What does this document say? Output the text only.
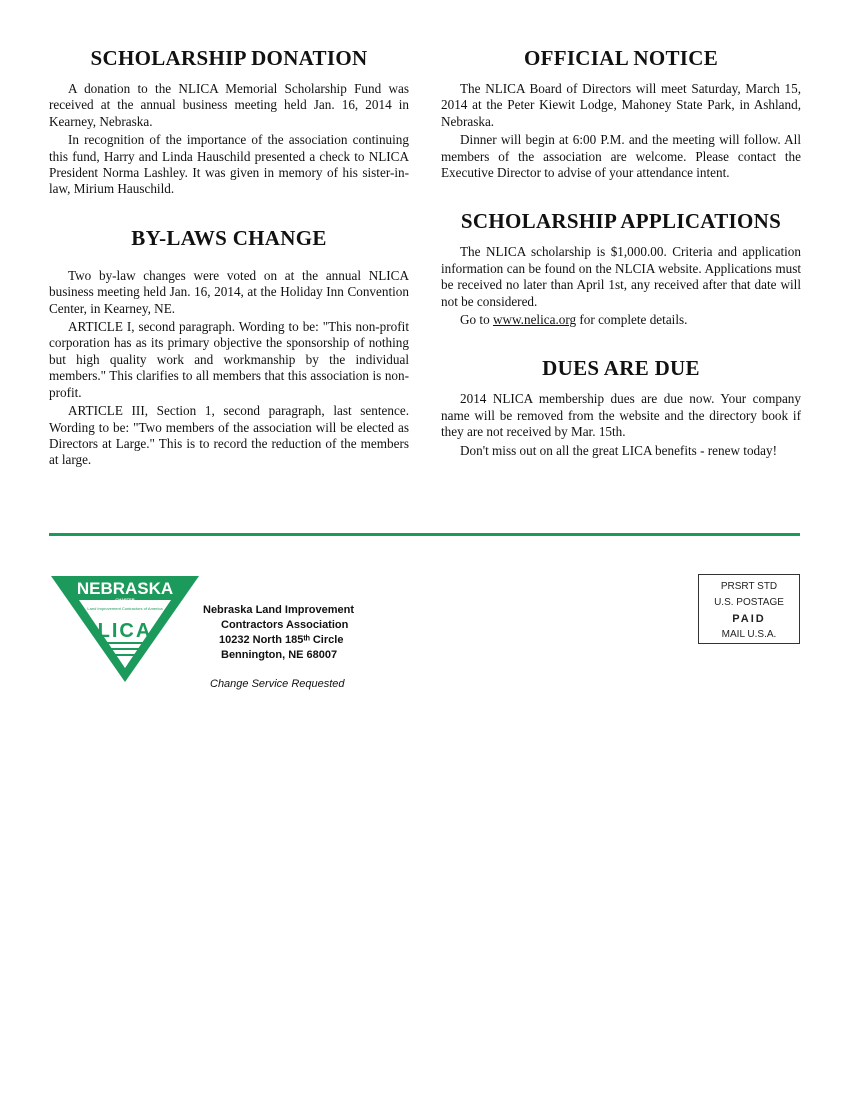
SCHOLARSHIP DONATION

A donation to the NLICA Memorial Scholarship Fund was received at the annual business meeting held Jan. 16, 2014 in Kearney, Nebraska.

In recognition of the importance of the association continuing this fund, Harry and Linda Hauschild presented a check to NLICA President Norma Lashley. It was given in memory of his sister-in-law, Mirium Hauschild.

BY-LAWS CHANGE

Two by-law changes were voted on at the annual NLICA business meeting held Jan. 16, 2014, at the Holiday Inn Convention Center, in Kearney, NE.

ARTICLE I, second paragraph. Wording to be: "This non-profit corporation has as its primary objective the sponsorship of nothing but high quality work and workmanship by the individual members." This clarifies to all members that this association is non-profit.

ARTICLE III, Section 1, second paragraph, last sentence. Wording to be: "Two members of the association will be elected as Directors at Large." This is to record the reduction of the members at large.

OFFICIAL NOTICE

The NLICA Board of Directors will meet Saturday, March 15, 2014 at the Peter Kiewit Lodge, Mahoney State Park, in Ashland, Nebraska.

Dinner will begin at 6:00 P.M. and the meeting will follow. All members of the association are welcome. Please contact the Executive Director to advise of your attendance intent.

SCHOLARSHIP APPLICATIONS

The NLICA scholarship is $1,000.00. Criteria and application information can be found on the NLCIA website. Applications must be received no later than April 1st, any received after that date will not be considered.

Go to www.nelica.org for complete details.

DUES ARE DUE

2014 NLICA membership dues are due now. Your company name will be removed from the website and the directory book if they are not received by Mar. 15th.

Don't miss out on all the great LICA benefits - renew today!

NEBRASKA
CHAPTER
Land Improvement Contractors of America
LICA
Nebraska Land Improvement
Contractors Association
10232 North 185ᵗʰ Circle
Bennington, NE 68007
Change Service Requested
PRSRT STD
U.S. POSTAGE
PAID
MAIL U.S.A.
